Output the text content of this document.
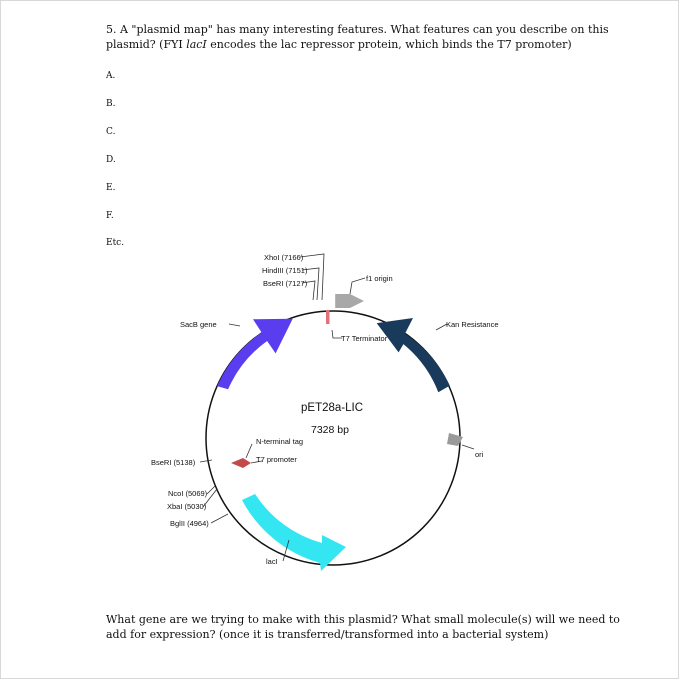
5. A "plasmid map" has many interesting features. What features can you describe on this
plasmid? (FYI lacI encodes the lac repressor protein, which binds the T7 promoter)

A.
B.
C.
D.
E.
F.
Etc.
XhoI (7166)
HindIII (7151)
BseRI (7127)
f1 origin
SacB gene
T7 Terminator
Kan Resistance
ori
N-terminal tag
T7 promoter
BseRI (5138)
NcoI (5069)
XbaI (5030)
BglII (4964)
lacI
pET28a-LIC
7328 bp

What gene are we trying to make with this plasmid? What small molecule(s) will we need to
add for expression? (once it is transferred/transformed into a bacterial system)
